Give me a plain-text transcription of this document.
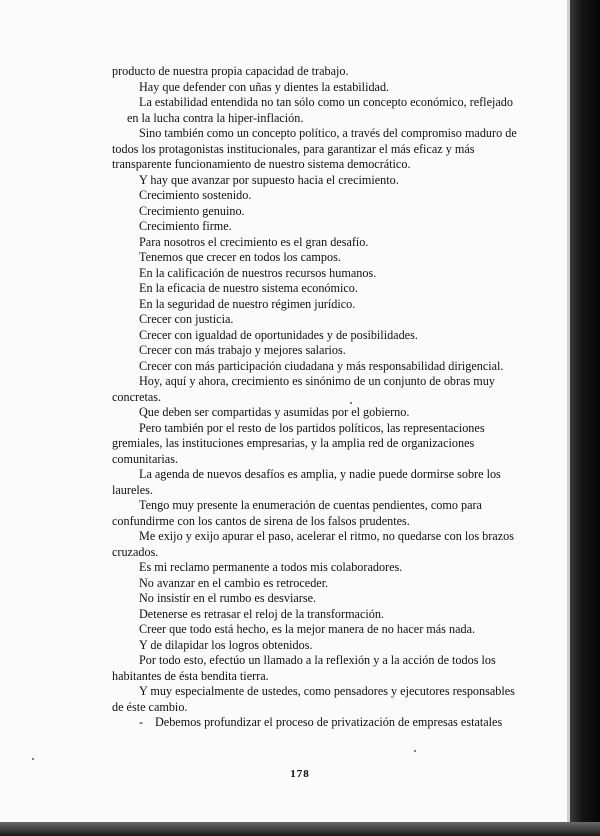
producto de nuestra propia capacidad de trabajo.

Hay que defender con uñas y dientes la estabilidad.

La estabilidad entendida no tan sólo como un concepto económico, reflejado en la lucha contra la hiper-inflación.

Sino también como un concepto político, a través del compromiso maduro de todos los protagonistas institucionales, para garantizar el más eficaz y más transparente funcionamiento de nuestro sistema democrático.

Y hay que avanzar por supuesto hacia el crecimiento.

Crecimiento sostenido.

Crecimiento genuino.

Crecimiento firme.

Para nosotros el crecimiento es el gran desafío.

Tenemos que crecer en todos los campos.

En la calificación de nuestros recursos humanos.

En la eficacia de nuestro sistema económico.

En la seguridad de nuestro régimen jurídico.

Crecer con justicia.

Crecer con igualdad de oportunidades y de posibilidades.

Crecer con más trabajo y mejores salarios.

Crecer con más participación ciudadana y más responsabilidad dirigencial.

Hoy, aquí y ahora, crecimiento es sinónimo de un conjunto de obras muy concretas.

Que deben ser compartidas y asumidas por el gobierno.

Pero también por el resto de los partidos políticos, las representaciones gremiales, las instituciones empresarias, y la amplia red de organizaciones comunitarias.

La agenda de nuevos desafíos es amplia, y nadie puede dormirse sobre los laureles.

Tengo muy presente la enumeración de cuentas pendientes, como para confundirme con los cantos de sirena de los falsos prudentes.

Me exijo y exijo apurar el paso, acelerar el ritmo, no quedarse con los brazos cruzados.

Es mi reclamo permanente a todos mis colaboradores.

No avanzar en el cambio es retroceder.

No insistir en el rumbo es desviarse.

Detenerse es retrasar el reloj de la transformación.

Creer que todo está hecho, es la mejor manera de no hacer más nada.

Y de dilapidar los logros obtenidos.

Por todo esto, efectúo un llamado a la reflexión y a la acción de todos los habitantes de ésta bendita tierra.

Y muy especialmente de ustedes, como pensadores y ejecutores responsables de éste cambio.

- Debemos profundizar el proceso de privatización de empresas estatales

178
